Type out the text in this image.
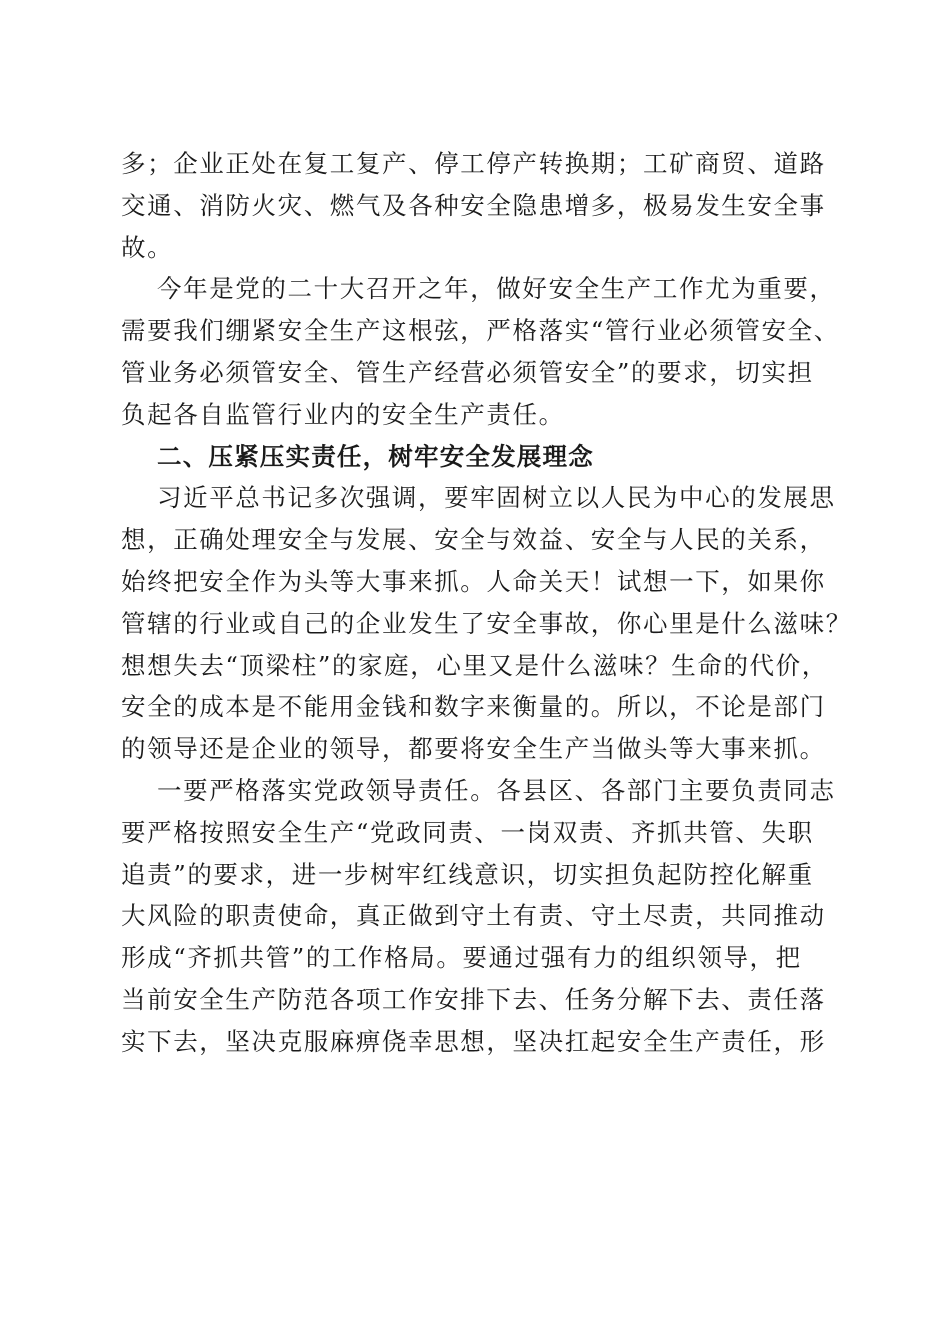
多；企业正处在复工复产、停工停产转换期；工矿商贸、道路
交通、消防火灾、燃气及各种安全隐患增多，极易发生安全事
故。
今年是党的二十大召开之年，做好安全生产工作尤为重要，
需要我们绷紧安全生产这根弦，严格落实“管行业必须管安全、
管业务必须管安全、管生产经营必须管安全”的要求，切实担
负起各自监管行业内的安全生产责任。
二、压紧压实责任，树牢安全发展理念
习近平总书记多次强调，要牢固树立以人民为中心的发展思
想，正确处理安全与发展、安全与效益、安全与人民的关系，
始终把安全作为头等大事来抓。人命关天！试想一下，如果你
管辖的行业或自己的企业发生了安全事故，你心里是什么滋味？
想想失去“顶梁柱”的家庭，心里又是什么滋味？生命的代价，
安全的成本是不能用金钱和数字来衡量的。所以，不论是部门
的领导还是企业的领导，都要将安全生产当做头等大事来抓。
一要严格落实党政领导责任。各县区、各部门主要负责同志
要严格按照安全生产“党政同责、一岗双责、齐抓共管、失职
追责”的要求，进一步树牢红线意识，切实担负起防控化解重
大风险的职责使命，真正做到守土有责、守土尽责，共同推动
形成“齐抓共管”的工作格局。要通过强有力的组织领导，把
当前安全生产防范各项工作安排下去、任务分解下去、责任落
实下去，坚决克服麻痹侥幸思想，坚决扛起安全生产责任，形
